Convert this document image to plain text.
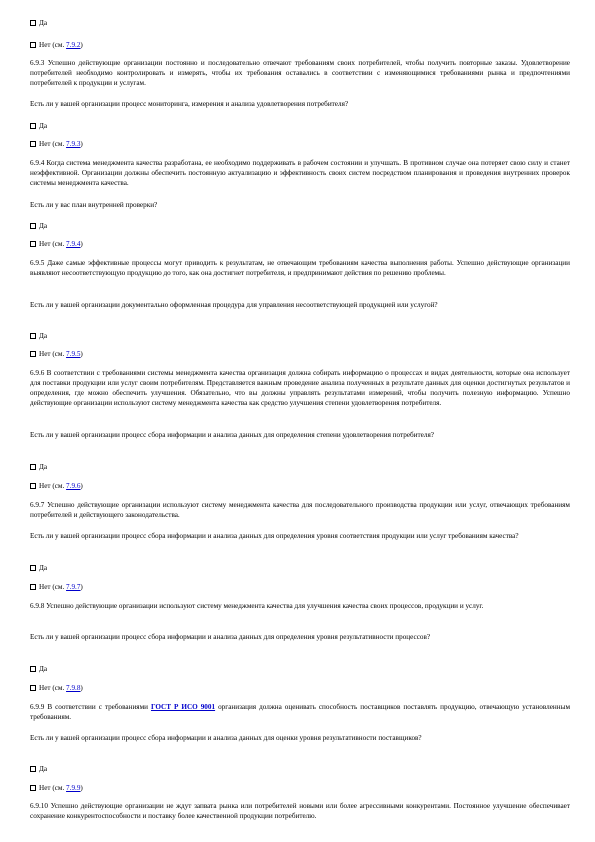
Да
Нет (см. 7.9.2)
6.9.3 Успешно действующие организации постоянно и последовательно отвечают требованиям своих потребителей, чтобы получить повторные заказы. Удовлетворение потребителей необходимо контролировать и измерять, чтобы их требования оставались в соответствии с изменяющимися требованиями рынка и предпочтениями потребителей к продукции и услугам.
Есть ли у вашей организации процесс мониторинга, измерения и анализа удовлетворения потребителя?
Да
Нет (см. 7.9.3)
6.9.4 Когда система менеджмента качества разработана, ее необходимо поддерживать в рабочем состоянии и улучшать. В противном случае она потеряет свою силу и станет неэффективной. Организации должны обеспечить постоянную актуализацию и эффективность своих систем посредством планирования и проведения внутренних проверок системы менеджмента качества.
Есть ли у вас план внутренней проверки?
Да
Нет (см. 7.9.4)
6.9.5 Даже самые эффективные процессы могут приводить к результатам, не отвечающим требованиям качества выполнения работы. Успешно действующие организации выявляют несоответствующую продукцию до того, как она достигнет потребителя, и предпринимают действия по решению проблемы.
Есть ли у вашей организации документально оформленная процедура для управления несоответствующей продукцией или услугой?
Да
Нет (см. 7.9.5)
6.9.6 В соответствии с требованиями системы менеджмента качества организация должна собирать информацию о процессах и видах деятельности, которые она использует для поставки продукции или услуг своим потребителям. Представляется важным проведение анализа полученных в результате данных для оценки достигнутых результатов и определения, где можно обеспечить улучшения. Обязательно, что вы должны управлять результатами измерений, чтобы получить полезную информацию. Успешно действующие организации используют систему менеджмента качества как средство улучшения степени удовлетворения потребителя.
Есть ли у вашей организации процесс сбора информации и анализа данных для определения степени удовлетворения потребителя?
Да
Нет (см. 7.9.6)
6.9.7 Успешно действующие организации используют систему менеджмента качества для последовательного производства продукции или услуг, отвечающих требованиям потребителей и действующего законодательства.
Есть ли у вашей организации процесс сбора информации и анализа данных для определения уровня соответствия продукции или услуг требованиям качества?
Да
Нет (см. 7.9.7)
6.9.8 Успешно действующие организации используют систему менеджмента качества для улучшения качества своих процессов, продукции и услуг.
Есть ли у вашей организации процесс сбора информации и анализа данных для определения уровня результативности процессов?
Да
Нет (см. 7.9.8)
6.9.9 В соответствии с требованиями ГОСТ Р ИСО 9001 организация должна оценивать способность поставщиков поставлять продукцию, отвечающую установленным требованиям.
Есть ли у вашей организации процесс сбора информации и анализа данных для оценки уровня результативности поставщиков?
Да
Нет (см. 7.9.9)
6.9.10 Успешно действующие организации не ждут запвата рынка или потребителей новыми или более агрессивными конкурентами. Постоянное улучшение обеспечивает сохранение конкурентоспособности и поставку более качественной продукции потребителю.
